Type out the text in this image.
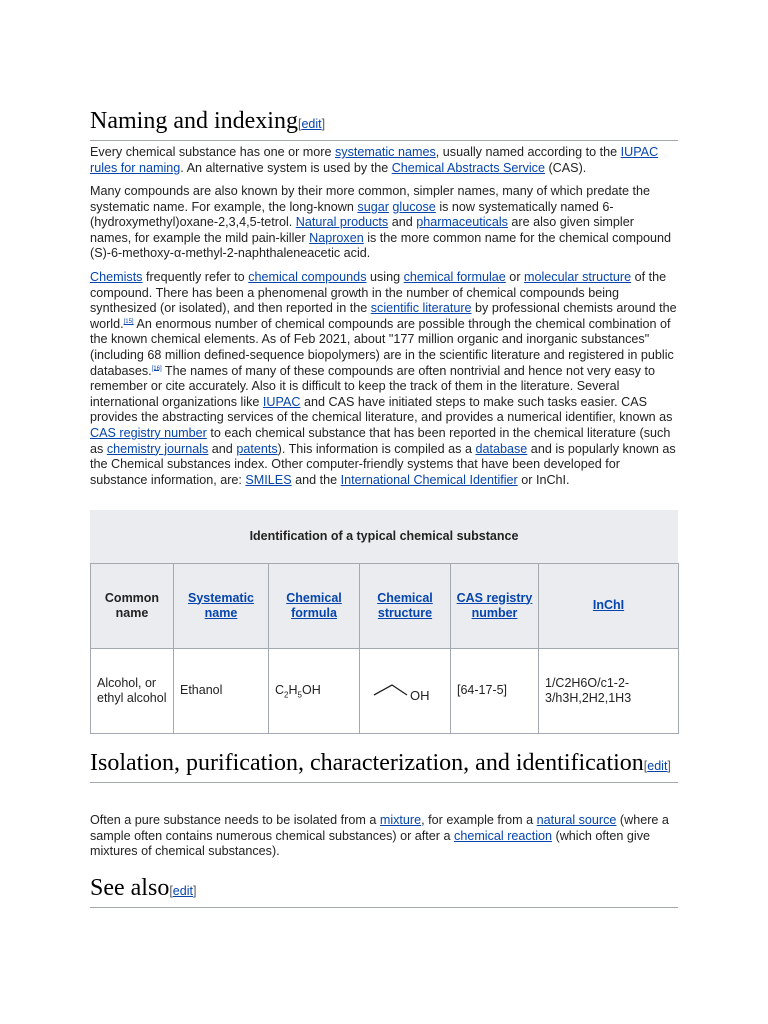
Naming and indexing[edit]

Every chemical substance has one or more systematic names, usually named according to the IUPAC rules for naming. An alternative system is used by the Chemical Abstracts Service (CAS).

Many compounds are also known by their more common, simpler names, many of which predate the systematic name. For example, the long-known sugar glucose is now systematically named 6-(hydroxymethyl)oxane-2,3,4,5-tetrol. Natural products and pharmaceuticals are also given simpler names, for example the mild pain-killer Naproxen is the more common name for the chemical compound (S)-6-methoxy-α-methyl-2-naphthaleneacetic acid.

Chemists frequently refer to chemical compounds using chemical formulae or molecular structure of the compound. There has been a phenomenal growth in the number of chemical compounds being synthesized (or isolated), and then reported in the scientific literature by professional chemists around the world.[15] An enormous number of chemical compounds are possible through the chemical combination of the known chemical elements. As of Feb 2021, about "177 million organic and inorganic substances" (including 68 million defined-sequence biopolymers) are in the scientific literature and registered in public databases.[16] The names of many of these compounds are often nontrivial and hence not very easy to remember or cite accurately. Also it is difficult to keep the track of them in the literature. Several international organizations like IUPAC and CAS have initiated steps to make such tasks easier. CAS provides the abstracting services of the chemical literature, and provides a numerical identifier, known as CAS registry number to each chemical substance that has been reported in the chemical literature (such as chemistry journals and patents). This information is compiled as a database and is popularly known as the Chemical substances index. Other computer-friendly systems that have been developed for substance information, are: SMILES and the International Chemical Identifier or InChI.

Identification of a typical chemical substance
Common name	Systematic name	Chemical formula	Chemical structure	CAS registry number	InChI
Alcohol, or ethyl alcohol	Ethanol	$C_2H_5OH$	OH	[64-17-5]	1/C2H6O/c1-2-3/h3H,2H2,1H3
Isolation, purification, characterization, and identification[edit]

Often a pure substance needs to be isolated from a mixture, for example from a natural source (where a sample often contains numerous chemical substances) or after a chemical reaction (which often give mixtures of chemical substances).

See also[edit]
